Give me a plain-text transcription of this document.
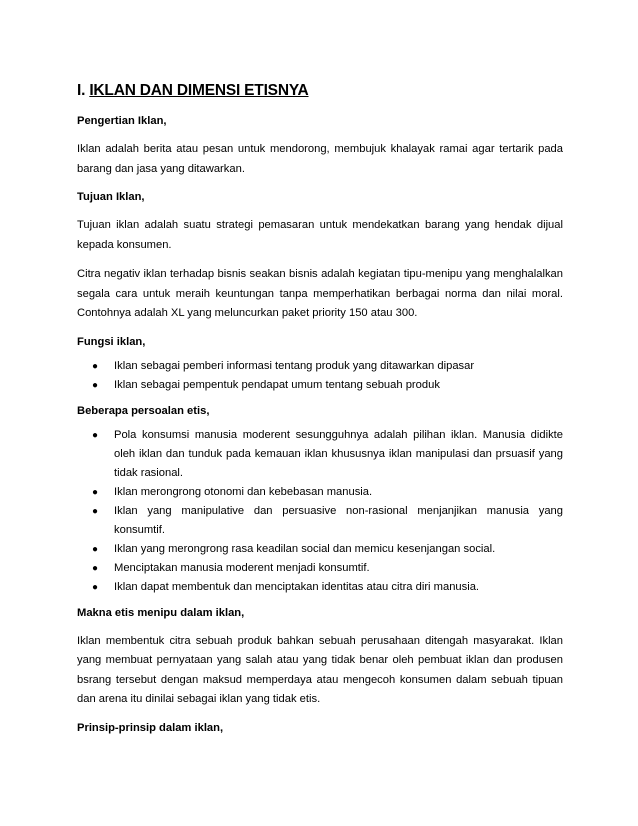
I. IKLAN DAN DIMENSI ETISNYA
Pengertian Iklan,

Iklan adalah berita atau pesan untuk mendorong, membujuk khalayak ramai agar tertarik pada barang dan jasa yang ditawarkan.

Tujuan Iklan,

Tujuan iklan adalah suatu strategi pemasaran untuk mendekatkan barang yang hendak dijual kepada konsumen.

Citra negativ iklan terhadap bisnis seakan bisnis adalah kegiatan tipu-menipu yang menghalalkan segala cara untuk meraih keuntungan tanpa memperhatikan berbagai norma dan nilai moral. Contohnya adalah XL yang meluncurkan paket priority 150 atau 300.

Fungsi iklan,
● Iklan sebagai pemberi informasi tentang produk yang ditawarkan dipasar
● Iklan sebagai pempentuk pendapat umum tentang sebuah produk
Beberapa persoalan etis,
● Pola konsumsi manusia moderent sesungguhnya adalah pilihan iklan. Manusia didikte oleh iklan dan tunduk pada kemauan iklan khususnya iklan manipulasi dan prsuasif yang tidak rasional.
● Iklan merongrong otonomi dan kebebasan manusia.
● Iklan yang manipulative dan persuasive non-rasional menjanjikan manusia yang konsumtif.
● Iklan yang merongrong rasa keadilan social dan memicu kesenjangan social.
● Menciptakan manusia moderent menjadi konsumtif.
● Iklan dapat membentuk dan menciptakan identitas atau citra diri manusia.
Makna etis menipu dalam iklan,

Iklan membentuk citra sebuah produk bahkan sebuah perusahaan ditengah masyarakat. Iklan yang membuat pernyataan yang salah atau yang tidak benar oleh pembuat iklan dan produsen bsrang tersebut dengan maksud memperdaya atau mengecoh konsumen dalam sebuah tipuan dan arena itu dinilai sebagai iklan yang tidak etis.

Prinsip-prinsip dalam iklan,
